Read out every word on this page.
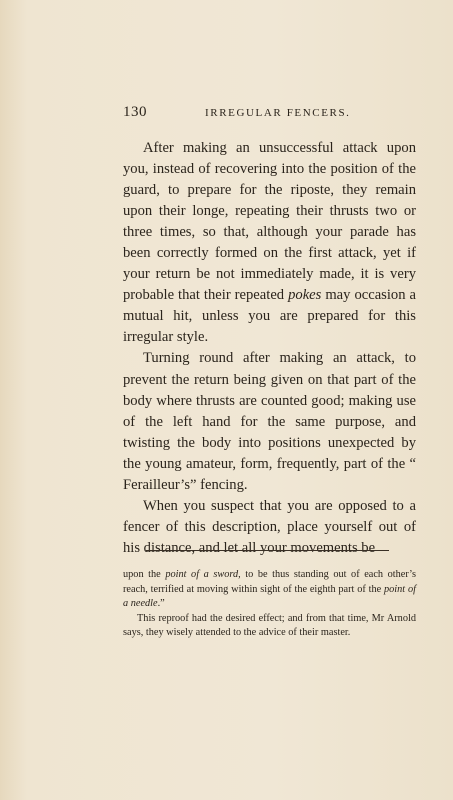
130	IRREGULAR FENCERS.

After making an unsuccessful attack upon you, instead of recovering into the position of the guard, to prepare for the riposte, they remain upon their longe, repeating their thrusts two or three times, so that, although your parade has been correctly formed on the first attack, yet if your return be not immediately made, it is very probable that their repeated pokes may occasion a mutual hit, unless you are prepared for this irregular style.

Turning round after making an attack, to prevent the return being given on that part of the body where thrusts are counted good; making use of the left hand for the same purpose, and twisting the body into positions unexpected by the young amateur, form, frequently, part of the “ Ferailleur’s” fencing.

When you suspect that you are opposed to a fencer of this description, place yourself out of his distance, and let all your movements be

upon the point of a sword, to be thus standing out of each other’s reach, terrified at moving within sight of the eighth part of the point of a needle.”

This reproof had the desired effect; and from that time, Mr Arnold says, they wisely attended to the advice of their master.
